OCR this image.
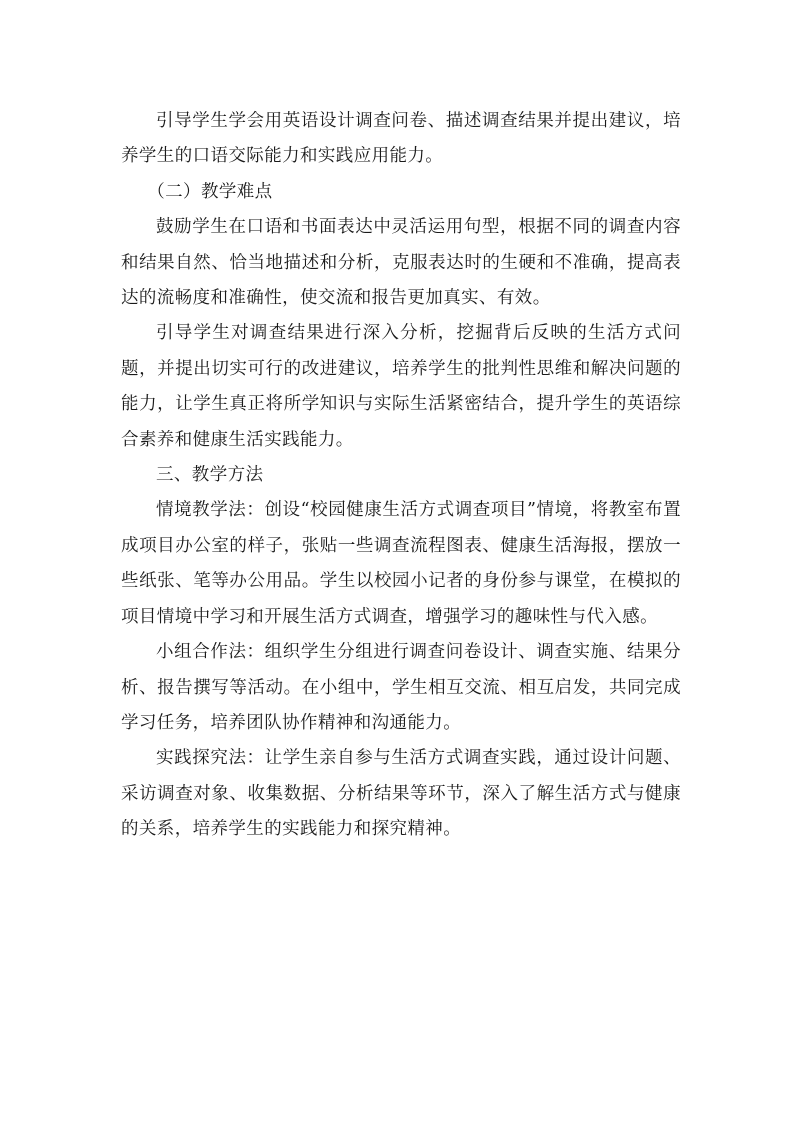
引导学生学会用英语设计调查问卷、描述调查结果并提出建议，培养学生的口语交际能力和实践应用能力。

（二）教学难点

鼓励学生在口语和书面表达中灵活运用句型，根据不同的调查内容和结果自然、恰当地描述和分析，克服表达时的生硬和不准确，提高表达的流畅度和准确性，使交流和报告更加真实、有效。

引导学生对调查结果进行深入分析，挖掘背后反映的生活方式问题，并提出切实可行的改进建议，培养学生的批判性思维和解决问题的能力，让学生真正将所学知识与实际生活紧密结合，提升学生的英语综合素养和健康生活实践能力。

三、教学方法

情境教学法：创设“校园健康生活方式调查项目”情境，将教室布置成项目办公室的样子，张贴一些调查流程图表、健康生活海报，摆放一些纸张、笔等办公用品。学生以校园小记者的身份参与课堂，在模拟的项目情境中学习和开展生活方式调查，增强学习的趣味性与代入感。

小组合作法：组织学生分组进行调查问卷设计、调查实施、结果分析、报告撰写等活动。在小组中，学生相互交流、相互启发，共同完成学习任务，培养团队协作精神和沟通能力。

实践探究法：让学生亲自参与生活方式调查实践，通过设计问题、采访调查对象、收集数据、分析结果等环节，深入了解生活方式与健康的关系，培养学生的实践能力和探究精神。
